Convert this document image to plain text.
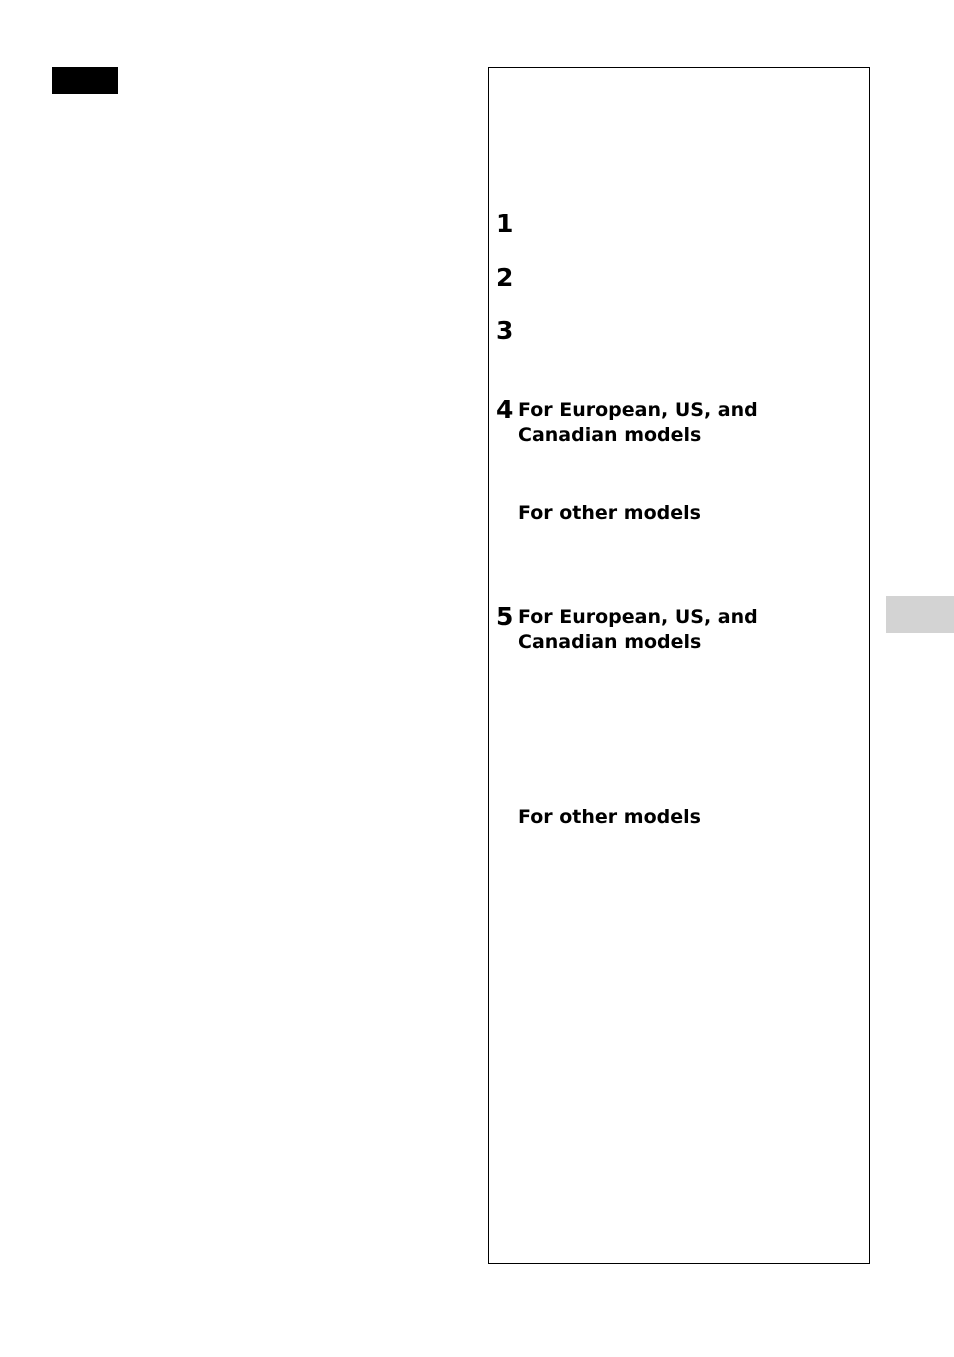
1
2
3
4 For European, US, and Canadian models
For other models
5 For European, US, and Canadian models
For other models
